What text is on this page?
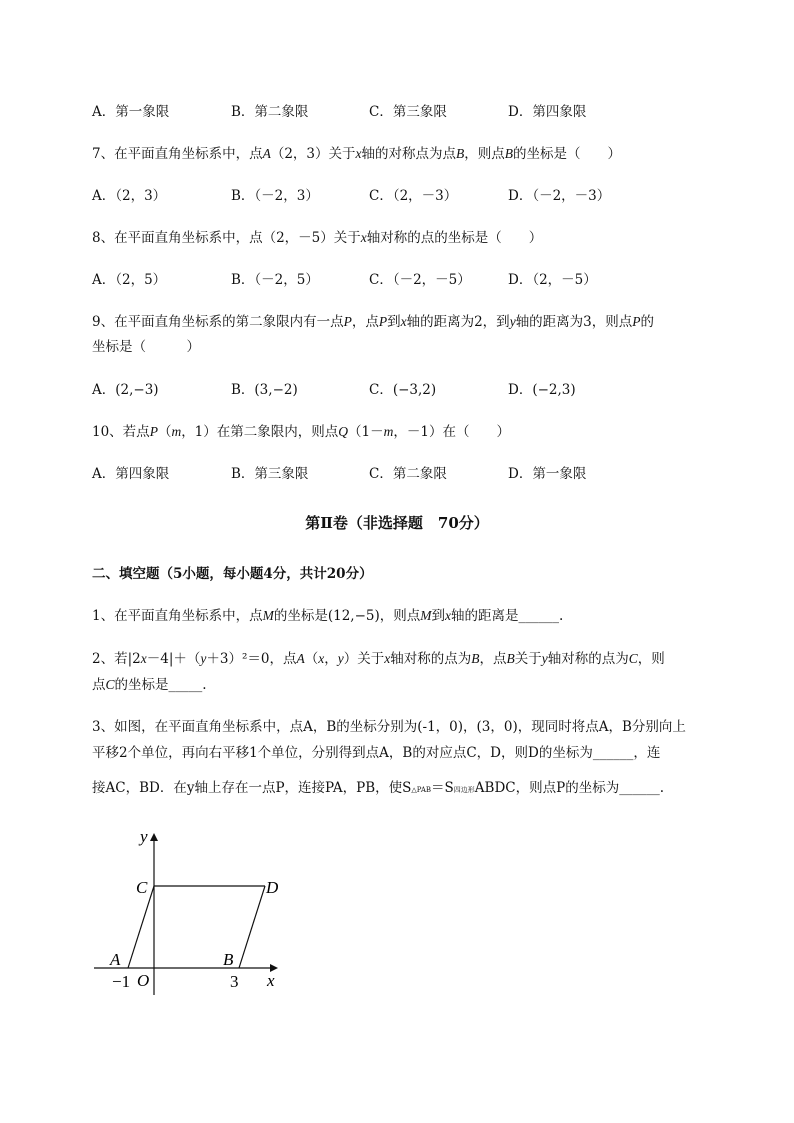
A．第一象限	B．第二象限	C．第三象限	D．第四象限
7、在平面直角坐标系中，点A（2，3）关于x轴的对称点为点B，则点B的坐标是（　　）
A．（2，3）	B．（－2，3）	C．（2，－3）	D．（－2，－3）
8、在平面直角坐标系中，点（2，－5）关于x轴对称的点的坐标是（　　）
A．（2，5）	B．（－2，5）	C．（－2，－5）	D．（2，－5）
9、在平面直角坐标系的第二象限内有一点P，点P到x轴的距离为2，到y轴的距离为3，则点P的
坐标是（　　　）
A．(2,−3)	B．(3,−2)	C．(−3,2)	D．(−2,3)
10、若点P（m，1）在第二象限内，则点Q（1－m，－1）在（　　）
A．第四象限	B．第三象限	C．第二象限	D．第一象限
第Ⅱ卷（非选择题　70分）
二、填空题（5小题，每小题4分，共计20分）
1、在平面直角坐标系中，点M的坐标是(12,−5)，则点M到x轴的距离是______.
2、若|2x－4|＋（y＋3）²＝0，点A（x，y）关于x轴对称的点为B，点B关于y轴对称的点为C，则
点C的坐标是_____.
3、如图，在平面直角坐标系中，点A，B的坐标分别为(-1，0)，(3，0)，现同时将点A，B分别向上
平移2个单位，再向右平移1个单位，分别得到点A，B的对应点C，D，则D的坐标为______，连
接AC，BD．在y轴上存在一点P，连接PA，PB，使S△PAB＝S四边形ABDC，则点P的坐标为______.
y
x
C	D
A	B
O
−1	3
